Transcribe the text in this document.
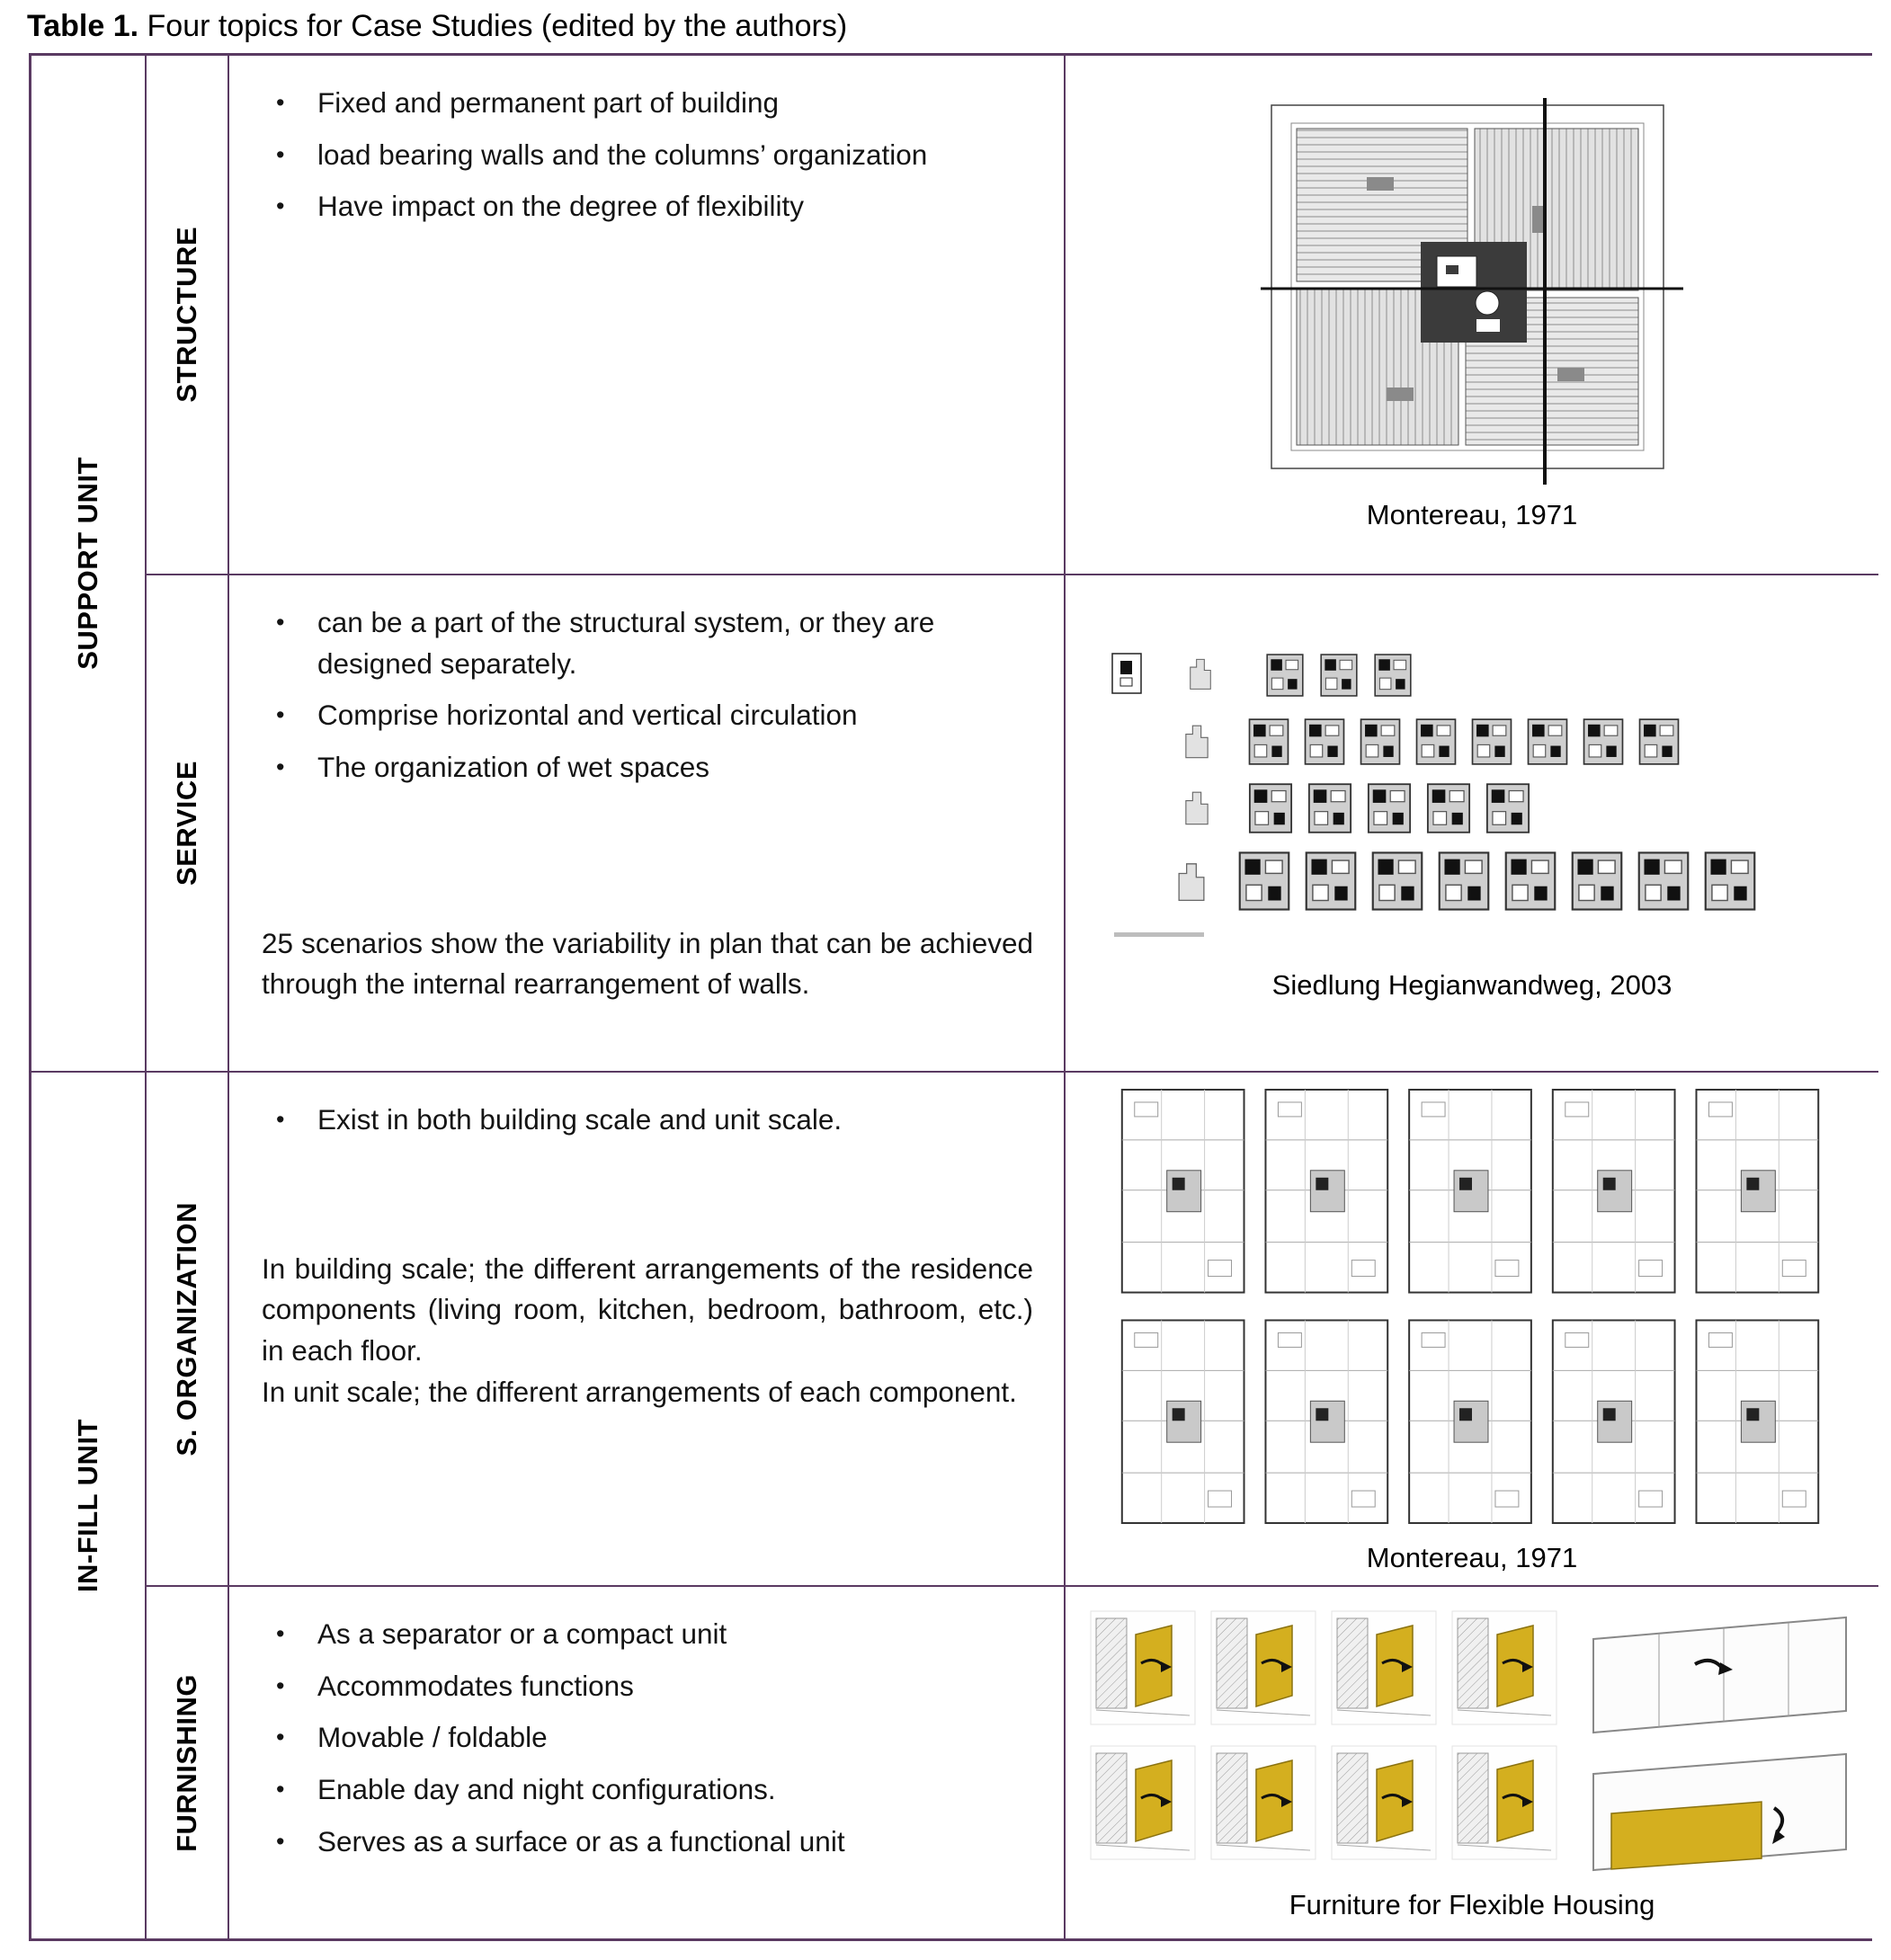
Table 1. Four topics for Case Studies (edited by the authors)
SUPPORT UNIT
IN-FILL UNIT
STRUCTURE
SERVICE
S. ORGANIZATION
FURNISHING
• Fixed and permanent part of building
• load bearing walls and the columns’ organization
• Have impact on the degree of flexibility
Montereau, 1971
• can be a part of the structural system, or they are designed separately.
• Comprise horizontal and vertical circulation
• The organization of wet spaces

25 scenarios show the variability in plan that can be achieved through the internal rearrangement of walls.	Siedlung Hegianwandweg, 2003
• Exist in both building scale and unit scale.

In building scale; the different arrangements of the residence components (living room, kitchen, bedroom, bathroom, etc.) in each floor.

In unit scale; the different arrangements of each component.

Montereau, 1971
• As a separator or a compact unit
• Accommodates functions
• Movable / foldable
• Enable day and night configurations.
• Serves as a surface or as a functional unit
Furniture for Flexible Housing
